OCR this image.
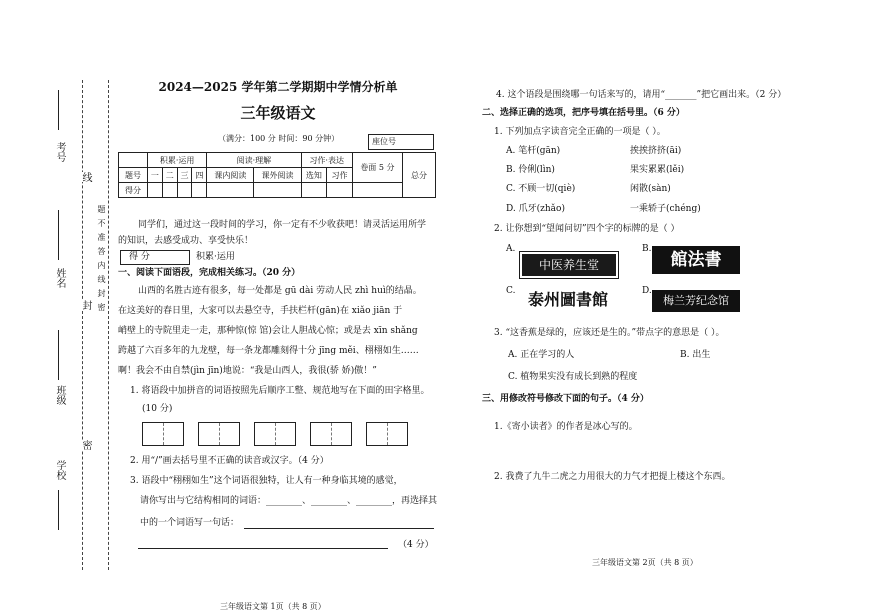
考号
姓名
班级
学校
线
封
密
题不准答内线封密
2024—2025 学年第二学期期中学情分析单
三年级语文
（满分：100 分 时间：90 分钟）	座位号
	积累·运用				阅读·理解		习作·表达		卷面 5 分	总分
题号	一	二	三	四	课内阅读	课外阅读	选知	习作		
得分										
同学们，通过这一段时间的学习，你一定有不少收获吧！请灵活运用所学
的知识，去感受成功、享受快乐！
得 分	积累·运用
一、阅读下面语段，完成相关练习。（20 分）
山西的名胜古迹有很多，每一处都是 gū dài 劳动人民 zhì huì的结晶。
在这美好的春日里，大家可以去悬空寺，手扶栏杆(gān)在 xiǎo jiān 于
峭壁上的寺院里走一走，那种惊(惊 馆)会让人胆战心惊；或是去 xīn shǎng
跨越了六百多年的九龙壁，每一条龙都雕刻得十分 jīng měi、栩栩如生……
啊！我会不由自禁(jìn jīn)地说：“我是山西人，我很(骄 娇)傲！”
1. 将语段中加拼音的词语按照先后顺序工整、规范地写在下面的田字格里。
(10 分)
2. 用“/”画去括号里不正确的读音或汉字。（4 分）
3. 语段中“栩栩如生”这个词语很独特，让人有一种身临其境的感觉，
请你写出与它结构相同的词语：________、________、________，再选择其
中的一个词语写一句话：
（4 分）
三年级语文第 1页（共 8 页）
4. 这个语段是围绕哪一句话来写的，请用“_______”把它画出来。（2 分）
二、选择正确的选项，把序号填在括号里。（6 分）
1. 下列加点字读音完全正确的一项是（ ）。
A. 笔杆(gān)	挨挨挤挤(āi)
B. 伶俐(lìn)	果实累累(lěi)
C. 不顾一切(qiè)	闲散(sàn)
D. 爪牙(zhǎo)	一乘轿子(chéng)
2. 让你想到“望闻问切”四个字的标牌的是（ ）
A.
中医养生堂
B.
館法書
C. 泰州圖書館	D.
梅兰芳纪念馆
3. “这香蕉是绿的，应该还是生的。”带点字的意思是（ ）。
A. 正在学习的人	B. 出生
C. 植物果实没有成长到熟的程度
三、用修改符号修改下面的句子。（4 分）
1.《寄小读者》的作者是冰心写的。
2. 我费了九牛二虎之力用很大的力气才把提上楼这个东西。
三年级语文第 2页（共 8 页）
